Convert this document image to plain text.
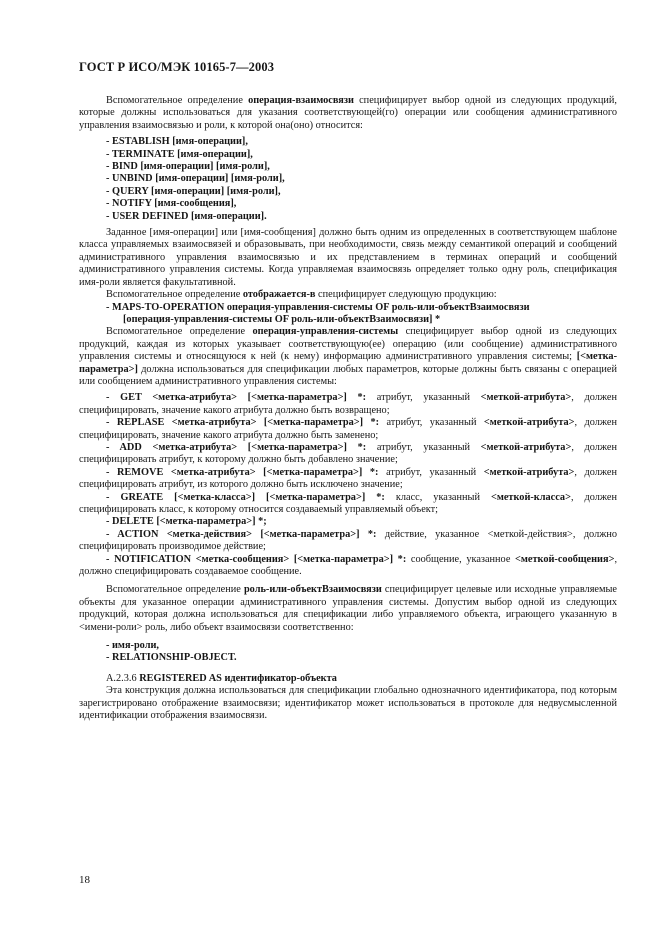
ГОСТ Р ИСО/МЭК 10165-7—2003

Вспомогательное определение операция-взаимосвязи специфицирует выбор одной из следующих продукций, которые должны использоваться для указания соответствующей(го) операции или сообщения административного управления взаимосвязью и роли, к которой она(оно) относится:

- ESTABLISH [имя-операции],
- TERMINATE [имя-операции],
- BIND [имя-операции] [имя-роли],
- UNBIND [имя-операции] [имя-роли],
- QUERY [имя-операции] [имя-роли],
- NOTIFY [имя-сообщения],
- USER DEFINED [имя-операции].

Заданное [имя-операции] или [имя-сообщения] должно быть одним из определенных в соответствующем шаблоне класса управляемых взаимосвязей и образовывать, при необходимости, связь между семантикой операций и сообщений административного управления взаимосвязью и их представлением в терминах операций и сообщений административного управления системы. Когда управляемая взаимосвязь определяет только одну роль, спецификация имя-роли является факультативной.

Вспомогательное определение отображается-в специфицирует следующую продукцию:

- MAPS-TO-OPERATION операция-управления-системы OF роль-или-объектВзаимосвязи
[операция-управления-системы OF роль-или-объектВзаимосвязи] *

Вспомогательное определение операция-управления-системы специфицирует выбор одной из следующих продукций, каждая из которых указывает соответствующую(ее) операцию (или сообщение) административного управления системы и относящуюся к ней (к нему) информацию административного управления системы; [<метка-параметра>] должна использоваться для спецификации любых параметров, которые должны быть связаны с операцией или сообщением административного управления системы:

- GET <метка-атрибута> [<метка-параметра>] *: атрибут, указанный <меткой-атрибута>, должен специфицировать, значение какого атрибута должно быть возвращено;

- REPLASE <метка-атрибута> [<метка-параметра>] *: атрибут, указанный <меткой-атрибута>, должен специфицировать, значение какого атрибута должно быть заменено;

- ADD <метка-атрибута> [<метка-параметра>] *: атрибут, указанный <меткой-атрибута>, должен специфицировать атрибут, к которому должно быть добавлено значение;

- REMOVE <метка-атрибута> [<метка-параметра>] *: атрибут, указанный <меткой-атрибута>, должен специфицировать атрибут, из которого должно быть исключено значение;

- GREATE [<метка-класса>] [<метка-параметра>] *: класс, указанный <меткой-класса>, должен специфицировать класс, к которому относится создаваемый управляемый объект;

- DELETE [<метка-параметра>] *;

- ACTION <метка-действия> [<метка-параметра>] *: действие, указанное <меткой-действия>, должно специфицировать производимое действие;

- NOTIFICATION <метка-сообщения> [<метка-параметра>] *: сообщение, указанное <меткой-сообщения>, должно специфицировать создаваемое сообщение.

Вспомогательное определение роль-или-объектВзаимосвязи специфицирует целевые или исходные управляемые объекты для указанное операции административного управления системы. Допустим выбор одной из следующих продукций, которая должна использоваться для спецификации либо управляемого объекта, играющего указанную в <имени-роли> роль, либо объект взаимосвязи соответственно:

- имя-роли,
- RELATIONSHIP-OBJECT.

A.2.3.6 REGISTERED AS идентификатор-объекта

Эта конструкция должна использоваться для спецификации глобально однозначного идентификатора, под которым зарегистрировано отображение взаимосвязи; идентификатор может использоваться в протоколе для недвусмысленной идентификации отображения взаимосвязи.

18
